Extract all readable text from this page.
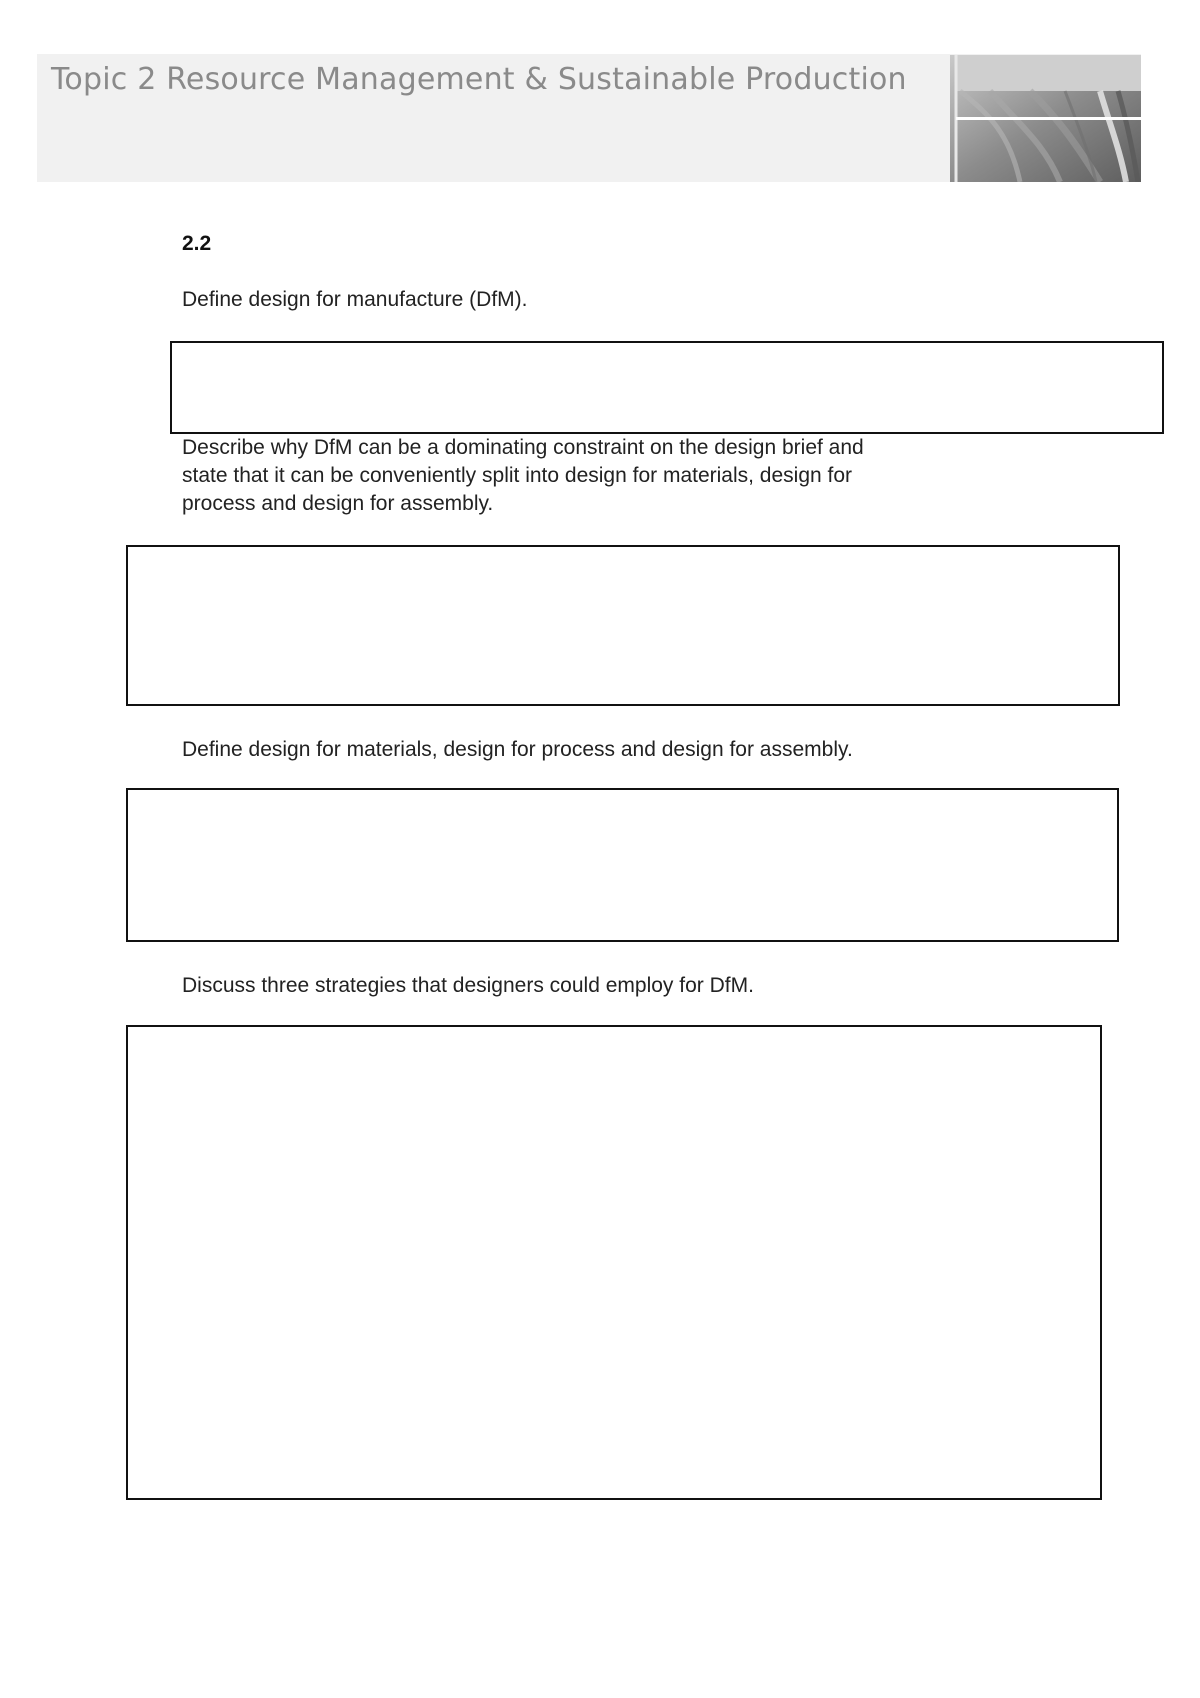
Topic 2 Resource Management & Sustainable Production
2.2
Define design for manufacture (DfM).
Describe why DfM can be a dominating constraint on the design brief and
state that it can be conveniently split into design for materials, design for
process and design for assembly.
Define design for materials, design for process and design for assembly.
Discuss three strategies that designers could employ for DfM.
